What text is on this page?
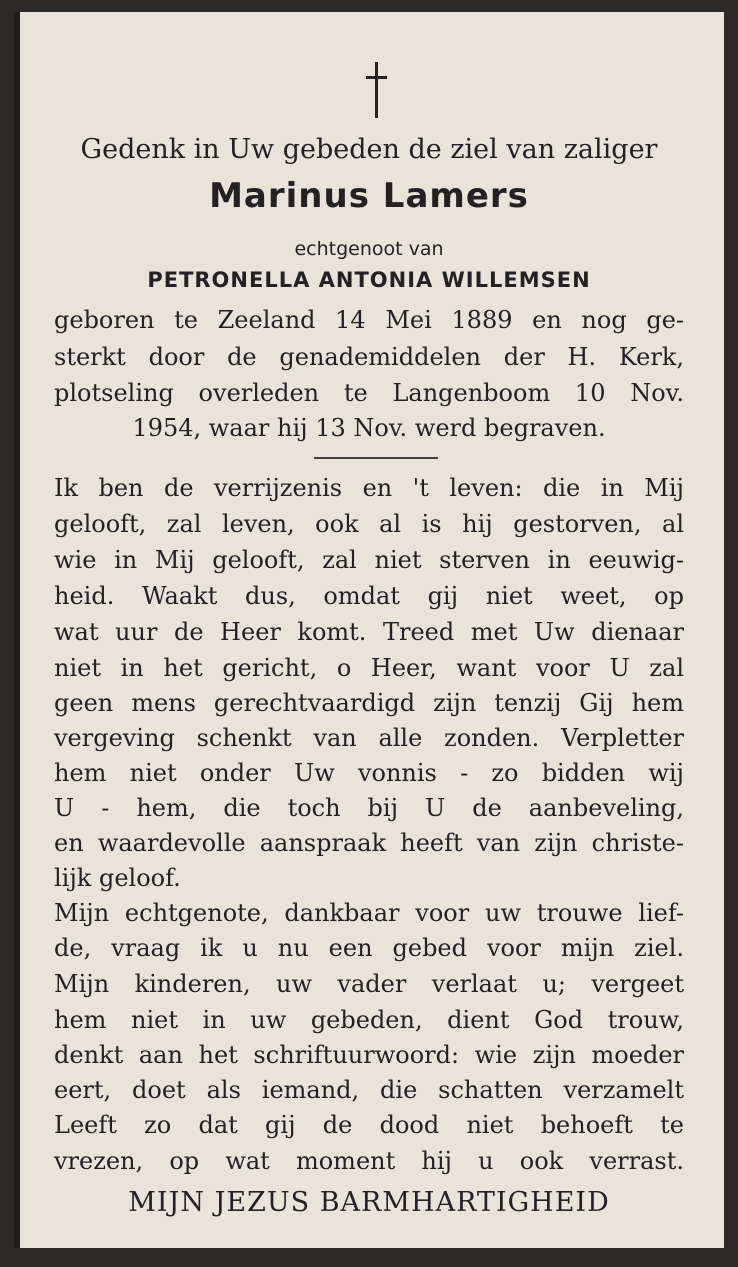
Gedenk in Uw gebeden de ziel van zaliger
Marinus Lamers
echtgenoot van
PETRONELLA ANTONIA WILLEMSEN
geboren te Zeeland 14 Mei 1889 en nog ge-
sterkt door de genademiddelen der H. Kerk,
plotseling overleden te Langenboom 10 Nov.
1954, waar hij 13 Nov. werd begraven.
Ik ben de verrijzenis en 't leven: die in Mij
gelooft, zal leven, ook al is hij gestorven, al
wie in Mij gelooft, zal niet sterven in eeuwig-
heid. Waakt dus, omdat gij niet weet, op
wat uur de Heer komt. Treed met Uw dienaar
niet in het gericht, o Heer, want voor U zal
geen mens gerechtvaardigd zijn tenzij Gij hem
vergeving schenkt van alle zonden. Verpletter
hem niet onder Uw vonnis - zo bidden wij
U - hem, die toch bij U de aanbeveling,
en waardevolle aanspraak heeft van zijn christe-
lijk geloof.
Mijn echtgenote, dankbaar voor uw trouwe lief-
de, vraag ik u nu een gebed voor mijn ziel.
Mijn kinderen, uw vader verlaat u; vergeet
hem niet in uw gebeden, dient God trouw,
denkt aan het schriftuurwoord: wie zijn moeder
eert, doet als iemand, die schatten verzamelt
Leeft zo dat gij de dood niet behoeft te
vrezen, op wat moment hij u ook verrast.
MIJN JEZUS BARMHARTIGHEID
